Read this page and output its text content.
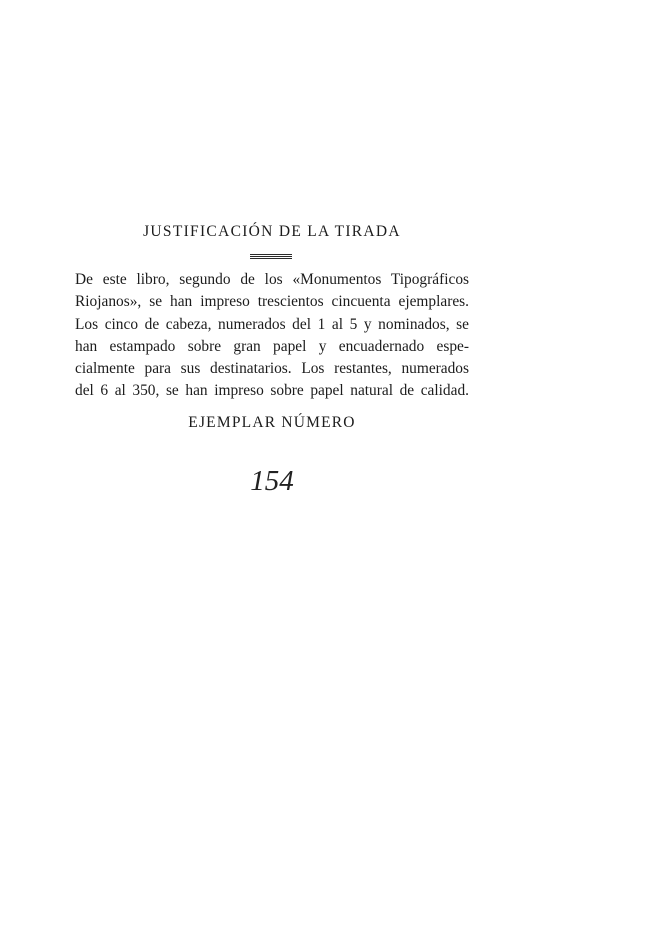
JUSTIFICACIÓN DE LA TIRADA
De este libro, segundo de los «Monumentos Tipográficos
Riojanos», se han impreso trescientos cincuenta ejemplares.
Los cinco de cabeza, numerados del 1 al 5 y nominados, se
han estampado sobre gran papel y encuadernado espe-
cialmente para sus destinatarios. Los restantes, numerados
del 6 al 350, se han impreso sobre papel natural de calidad.
EJEMPLAR NÚMERO
154
